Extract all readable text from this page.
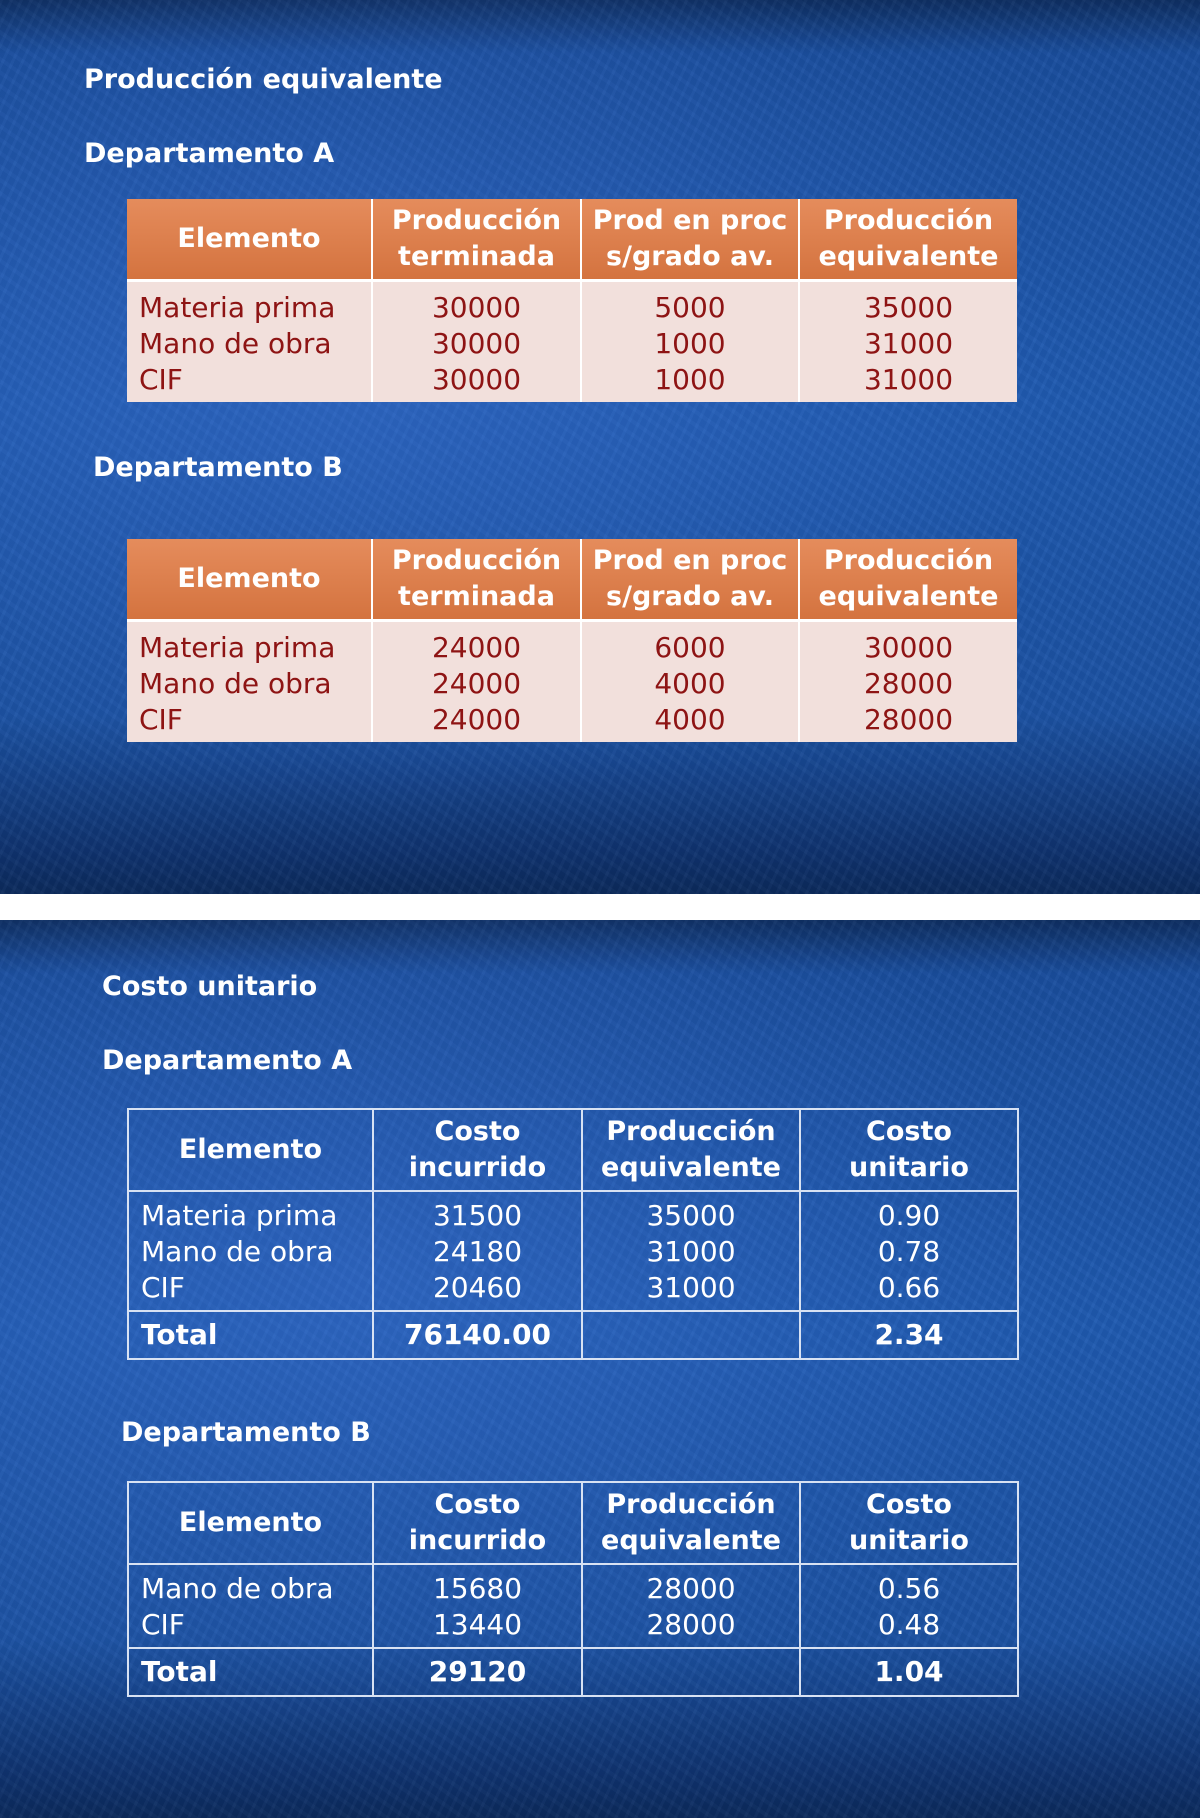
Producción equivalente
Departamento A
Elemento	Producción terminada	Prod en proc s/grado av.	Producción equivalente
Materia prima	30000	5000	35000
Mano de obra	30000	1000	31000
CIF	30000	1000	31000
Departamento B
Elemento	Producción terminada	Prod en proc s/grado av.	Producción equivalente
Materia prima	24000	6000	30000
Mano de obra	24000	4000	28000
CIF	24000	4000	28000
Costo unitario
Departamento A
Elemento	Costo incurrido	Producción equivalente	Costo unitario
Materia prima	31500	35000	0.90
Mano de obra	24180	31000	0.78
CIF	20460	31000	0.66
Total	76140.00		2.34
Departamento B
Elemento	Costo incurrido	Producción equivalente	Costo unitario
Mano de obra	15680	28000	0.56
CIF	13440	28000	0.48
Total	29120		1.04
